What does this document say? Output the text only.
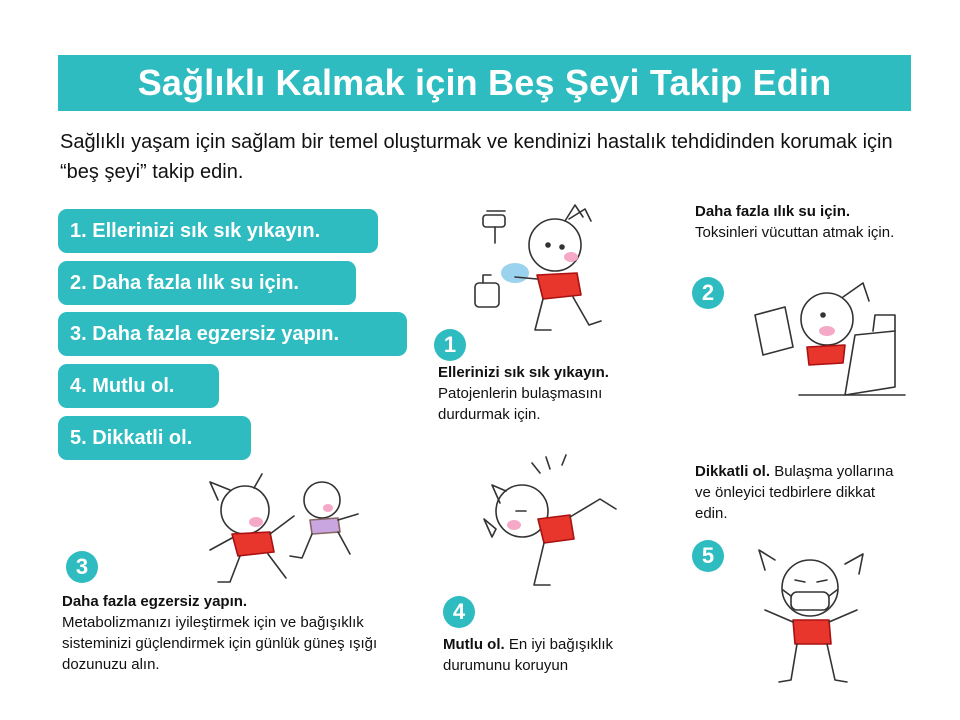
Sağlıklı Kalmak için Beş Şeyi Takip Edin

Sağlıklı yaşam için sağlam bir temel oluşturmak ve kendinizi hastalık tehdidinden korumak için “beş şeyi” takip edin.

1. Ellerinizi sık sık yıkayın.
2. Daha fazla ılık su için.
3. Daha fazla egzersiz yapın.
4. Mutlu ol.
5. Dikkatli ol.
1

Ellerinizi sık sık yıkayın.
Patojenlerin bulaşmasını durdurmak için.

Daha fazla ılık su için.
Toksinleri vücuttan atmak için.

2
3

Daha fazla egzersiz yapın.
Metabolizmanızı iyileştirmek için ve bağışıklık sisteminizi güçlendirmek için günlük güneş ışığı dozunuzu alın.

4

Mutlu ol. En iyi bağışıklık durumunu koruyun

Dikkatli ol. Bulaşma yollarına ve önleyici tedbirlere dikkat edin.

5
